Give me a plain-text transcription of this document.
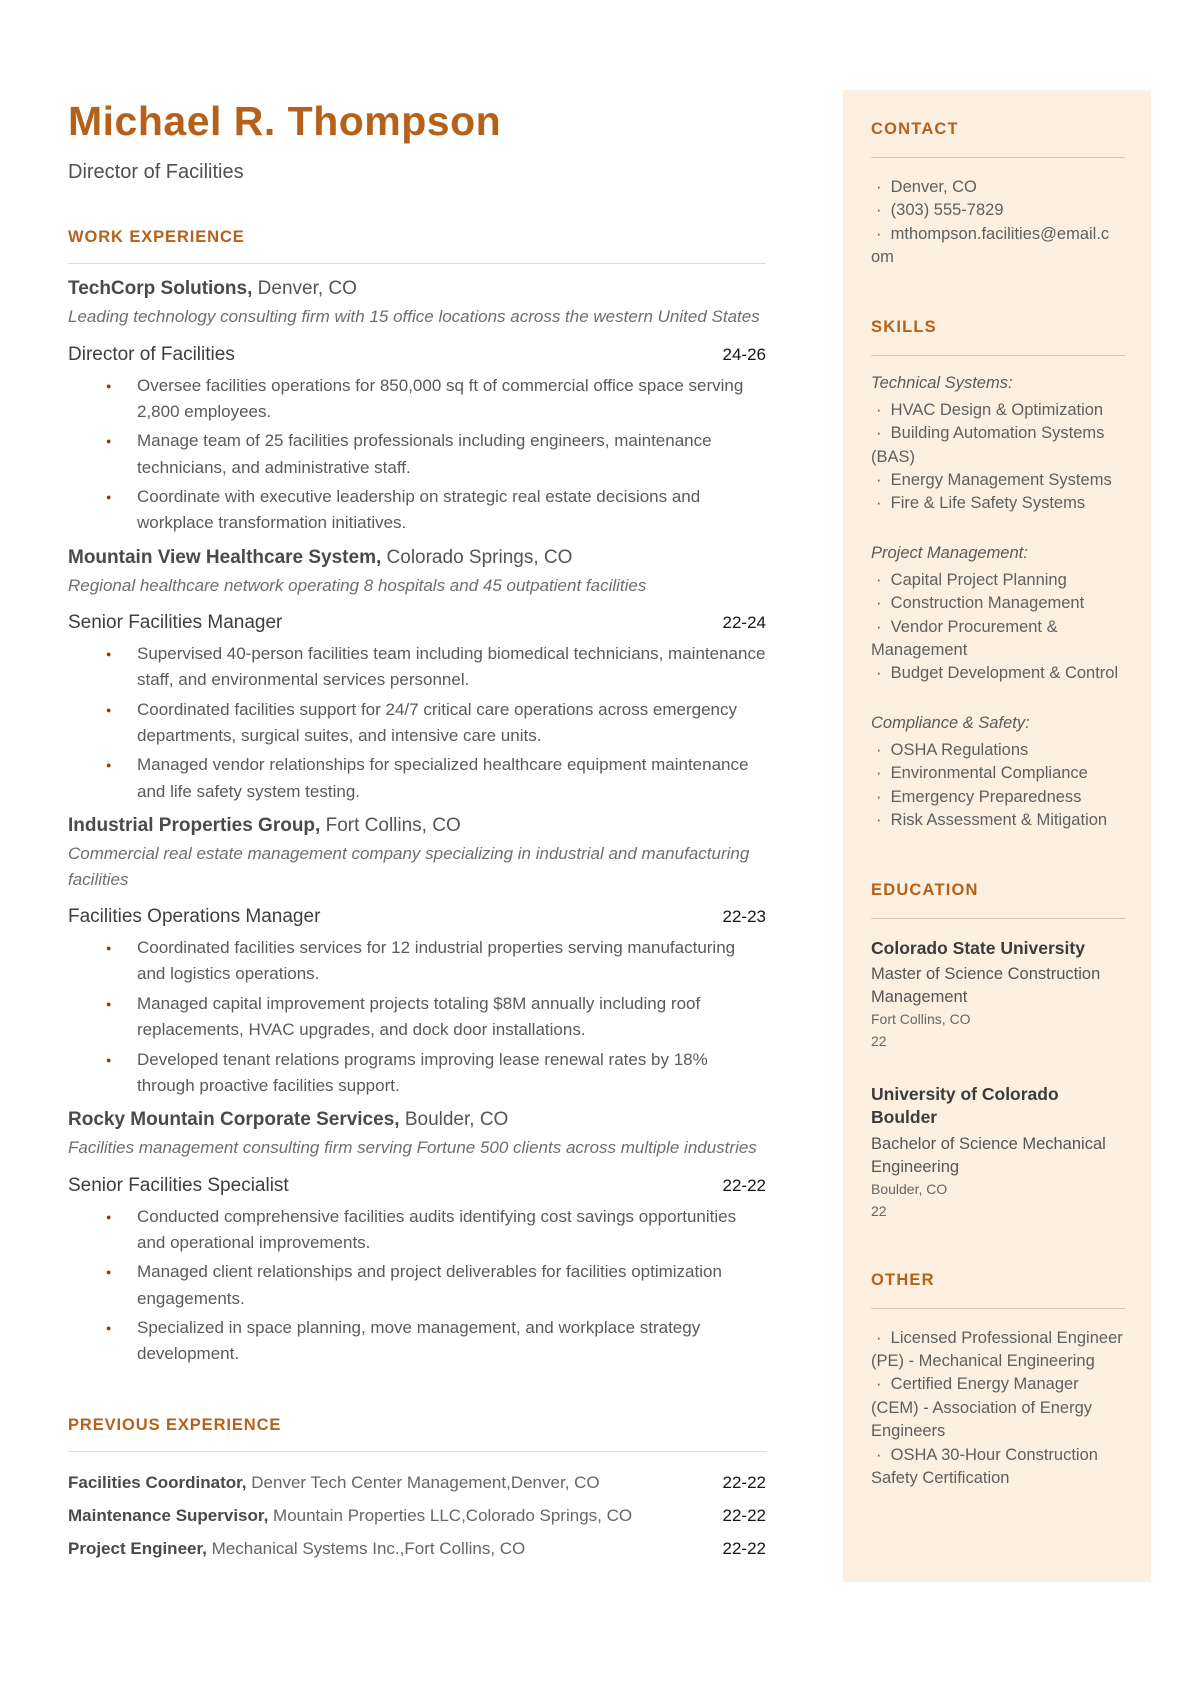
Michael R. Thompson
Director of Facilities
WORK EXPERIENCE

TechCorp Solutions, Denver, CO

Leading technology consulting firm with 15 office locations across the western United States

Director of Facilities	24-26
● Oversee facilities operations for 850,000 sq ft of commercial office space serving 2,800 employees.
● Manage team of 25 facilities professionals including engineers, maintenance technicians, and administrative staff.
● Coordinate with executive leadership on strategic real estate decisions and workplace transformation initiatives.

Mountain View Healthcare System, Colorado Springs, CO

Regional healthcare network operating 8 hospitals and 45 outpatient facilities

Senior Facilities Manager	22-24
● Supervised 40-person facilities team including biomedical technicians, maintenance staff, and environmental services personnel.
● Coordinated facilities support for 24/7 critical care operations across emergency departments, surgical suites, and intensive care units.
● Managed vendor relationships for specialized healthcare equipment maintenance and life safety system testing.

Industrial Properties Group, Fort Collins, CO

Commercial real estate management company specializing in industrial and manufacturing facilities

Facilities Operations Manager	22-23
● Coordinated facilities services for 12 industrial properties serving manufacturing and logistics operations.
● Managed capital improvement projects totaling $8M annually including roof replacements, HVAC upgrades, and dock door installations.
● Developed tenant relations programs improving lease renewal rates by 18% through proactive facilities support.

Rocky Mountain Corporate Services, Boulder, CO

Facilities management consulting firm serving Fortune 500 clients across multiple industries

Senior Facilities Specialist	22-22
● Conducted comprehensive facilities audits identifying cost savings opportunities and operational improvements.
● Managed client relationships and project deliverables for facilities optimization engagements.
● Specialized in space planning, move management, and workplace strategy development.
PREVIOUS EXPERIENCE
Facilities Coordinator, Denver Tech Center Management,Denver, CO	22-22
Maintenance Supervisor, Mountain Properties LLC,Colorado Springs, CO	22-22
Project Engineer, Mechanical Systems Inc.,Fort Collins, CO	22-22
CONTACT
·  Denver, CO
·  (303) 555-7829
·  mthompson.facilities@email.com
SKILLS

Technical Systems:

·  HVAC Design & Optimization
·  Building Automation Systems (BAS)
·  Energy Management Systems
·  Fire & Life Safety Systems

Project Management:

·  Capital Project Planning
·  Construction Management
·  Vendor Procurement & Management
·  Budget Development & Control

Compliance & Safety:

·  OSHA Regulations
·  Environmental Compliance
·  Emergency Preparedness
·  Risk Assessment & Mitigation
EDUCATION

Colorado State University

Master of Science Construction Management

Fort Collins, CO

22

University of Colorado Boulder

Bachelor of Science Mechanical Engineering

Boulder, CO

22

OTHER
·  Licensed Professional Engineer (PE) - Mechanical Engineering
·  Certified Energy Manager (CEM) - Association of Energy Engineers
·  OSHA 30-Hour Construction Safety Certification
